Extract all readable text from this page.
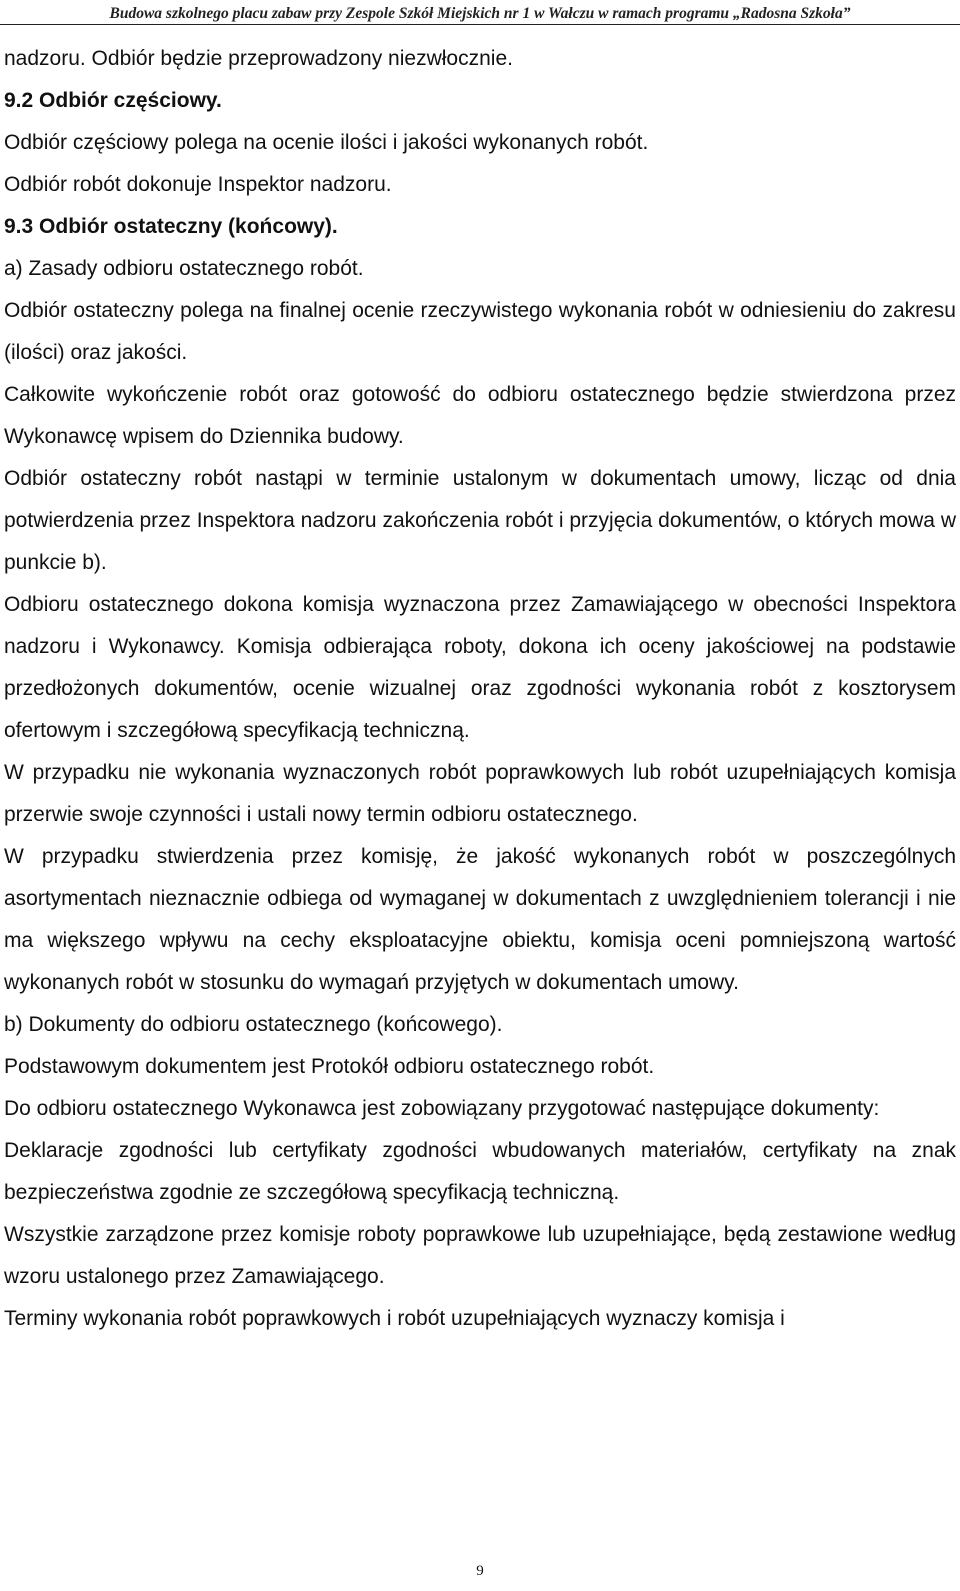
Budowa szkolnego placu zabaw przy Zespole Szkół Miejskich nr 1 w Wałczu w ramach programu „Radosna Szkoła”

nadzoru. Odbiór będzie przeprowadzony niezwłocznie.

9.2 Odbiór częściowy.

Odbiór częściowy polega na ocenie ilości i jakości wykonanych robót.

Odbiór robót dokonuje Inspektor nadzoru.

9.3 Odbiór ostateczny (końcowy).

a) Zasady odbioru ostatecznego robót.

Odbiór ostateczny polega na finalnej ocenie rzeczywistego wykonania robót w odniesieniu do zakresu (ilości) oraz jakości.

Całkowite wykończenie robót oraz gotowość do odbioru ostatecznego będzie stwierdzona przez Wykonawcę wpisem do Dziennika budowy.

Odbiór ostateczny robót nastąpi w terminie ustalonym w dokumentach umowy, licząc od dnia potwierdzenia przez Inspektora nadzoru zakończenia robót i przyjęcia dokumentów, o których mowa w punkcie b).

Odbioru ostatecznego dokona komisja wyznaczona przez Zamawiającego w obecności Inspektora nadzoru i Wykonawcy. Komisja odbierająca roboty, dokona ich oceny jakościowej na podstawie przedłożonych dokumentów, ocenie wizualnej oraz zgodności wykonania robót z kosztorysem ofertowym i szczegółową specyfikacją techniczną.

W przypadku nie wykonania wyznaczonych robót poprawkowych lub robót uzupełniających komisja przerwie swoje czynności i ustali nowy termin odbioru ostatecznego.

W przypadku stwierdzenia przez komisję, że jakość wykonanych robót w poszczególnych asortymentach nieznacznie odbiega od wymaganej w dokumentach z uwzględnieniem tolerancji i nie ma większego wpływu na cechy eksploatacyjne obiektu, komisja oceni pomniejszoną wartość wykonanych robót w stosunku do wymagań przyjętych w dokumentach umowy.

b) Dokumenty do odbioru ostatecznego (końcowego).

Podstawowym dokumentem jest Protokół odbioru ostatecznego robót.

Do odbioru ostatecznego Wykonawca jest zobowiązany przygotować następujące dokumenty:

Deklaracje zgodności lub certyfikaty zgodności wbudowanych materiałów, certyfikaty na znak bezpieczeństwa zgodnie ze szczegółową specyfikacją techniczną.

Wszystkie zarządzone przez komisje roboty poprawkowe lub uzupełniające, będą zestawione według wzoru ustalonego przez Zamawiającego.

Terminy wykonania robót poprawkowych i robót uzupełniających wyznaczy komisja i

9
